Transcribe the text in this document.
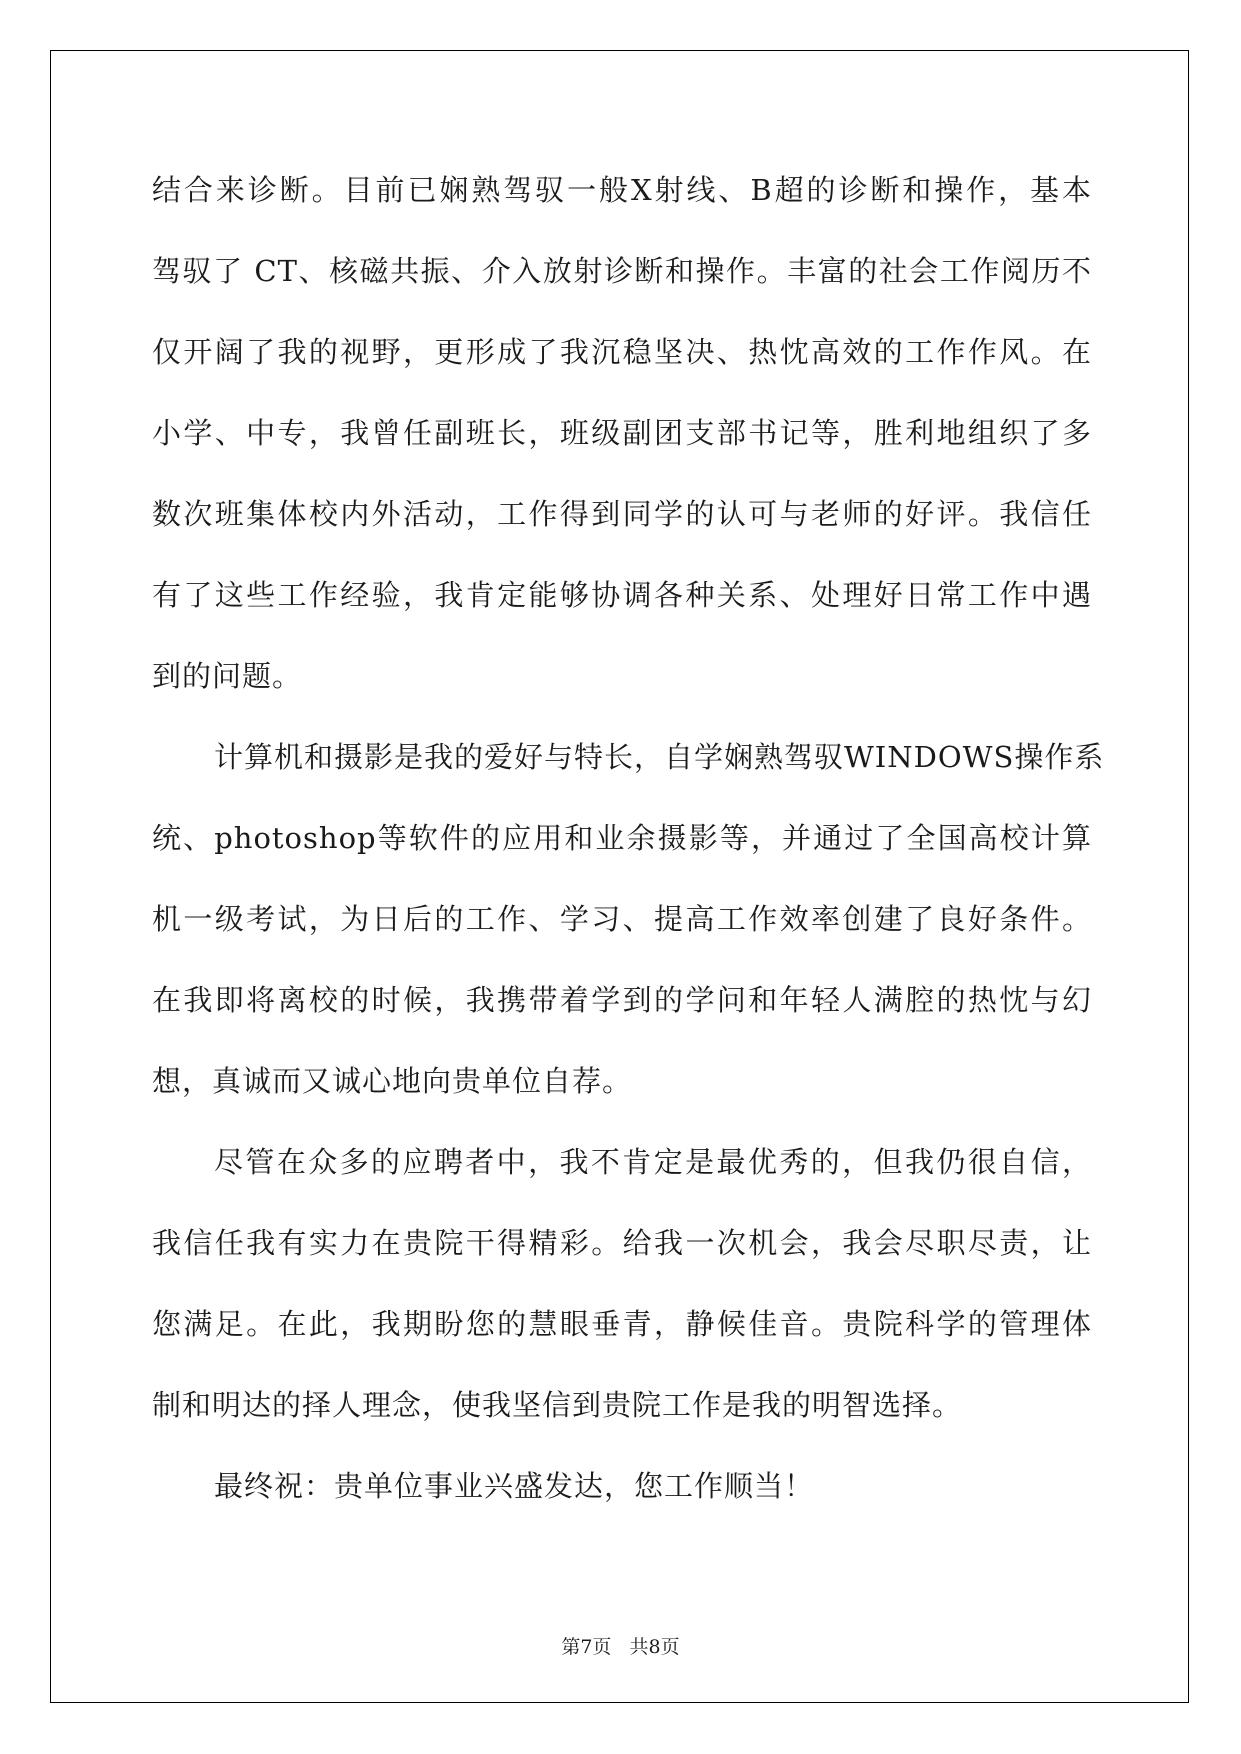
结合来诊断。目前已娴熟驾驭一般X射线、B超的诊断和操作，基本
驾驭了 CT、核磁共振、介入放射诊断和操作。丰富的社会工作阅历不
仅开阔了我的视野，更形成了我沉稳坚决、热忱高效的工作作风。在
小学、中专，我曾任副班长，班级副团支部书记等，胜利地组织了多
数次班集体校内外活动，工作得到同学的认可与老师的好评。我信任
有了这些工作经验，我肯定能够协调各种关系、处理好日常工作中遇
到的问题。
计算机和摄影是我的爱好与特长，自学娴熟驾驭WINDOWS操作系
统、photoshop等软件的应用和业余摄影等，并通过了全国高校计算
机一级考试，为日后的工作、学习、提高工作效率创建了良好条件。
在我即将离校的时候，我携带着学到的学问和年轻人满腔的热忱与幻
想，真诚而又诚心地向贵单位自荐。
尽管在众多的应聘者中，我不肯定是最优秀的，但我仍很自信，
我信任我有实力在贵院干得精彩。给我一次机会，我会尽职尽责，让
您满足。在此，我期盼您的慧眼垂青，静候佳音。贵院科学的管理体
制和明达的择人理念，使我坚信到贵院工作是我的明智选择。
最终祝：贵单位事业兴盛发达，您工作顺当！
第7页   共8页
